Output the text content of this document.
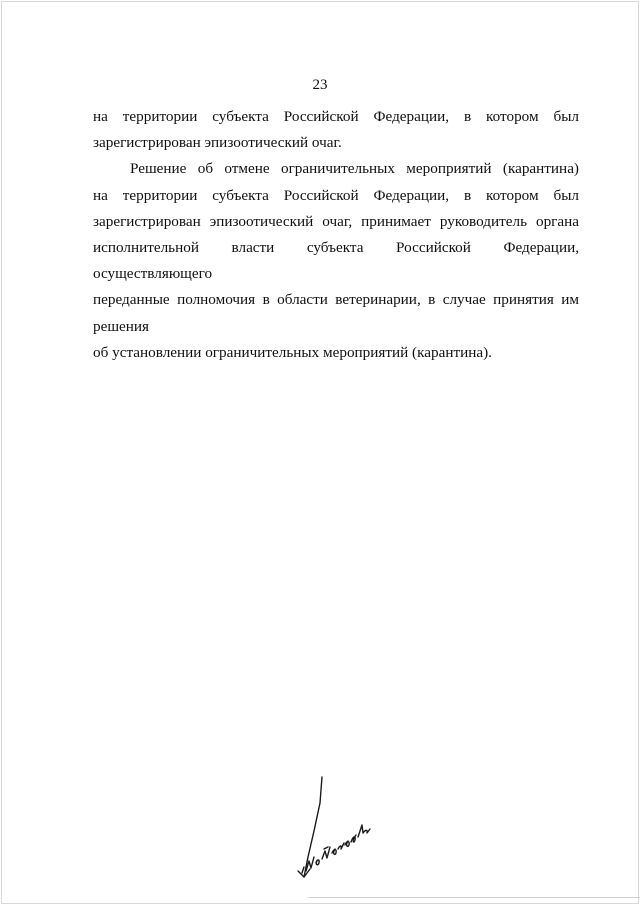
23

на территории субъекта Российской Федерации, в котором был
зарегистрирован эпизоотический очаг.

Решение об отмене ограничительных мероприятий (карантина)
на территории субъекта Российской Федерации, в котором был
зарегистрирован эпизоотический очаг, принимает руководитель органа
исполнительной власти субъекта Российской Федерации, осуществляющего
переданные полномочия в области ветеринарии, в случае принятия им решения
об установлении ограничительных мероприятий (карантина).
